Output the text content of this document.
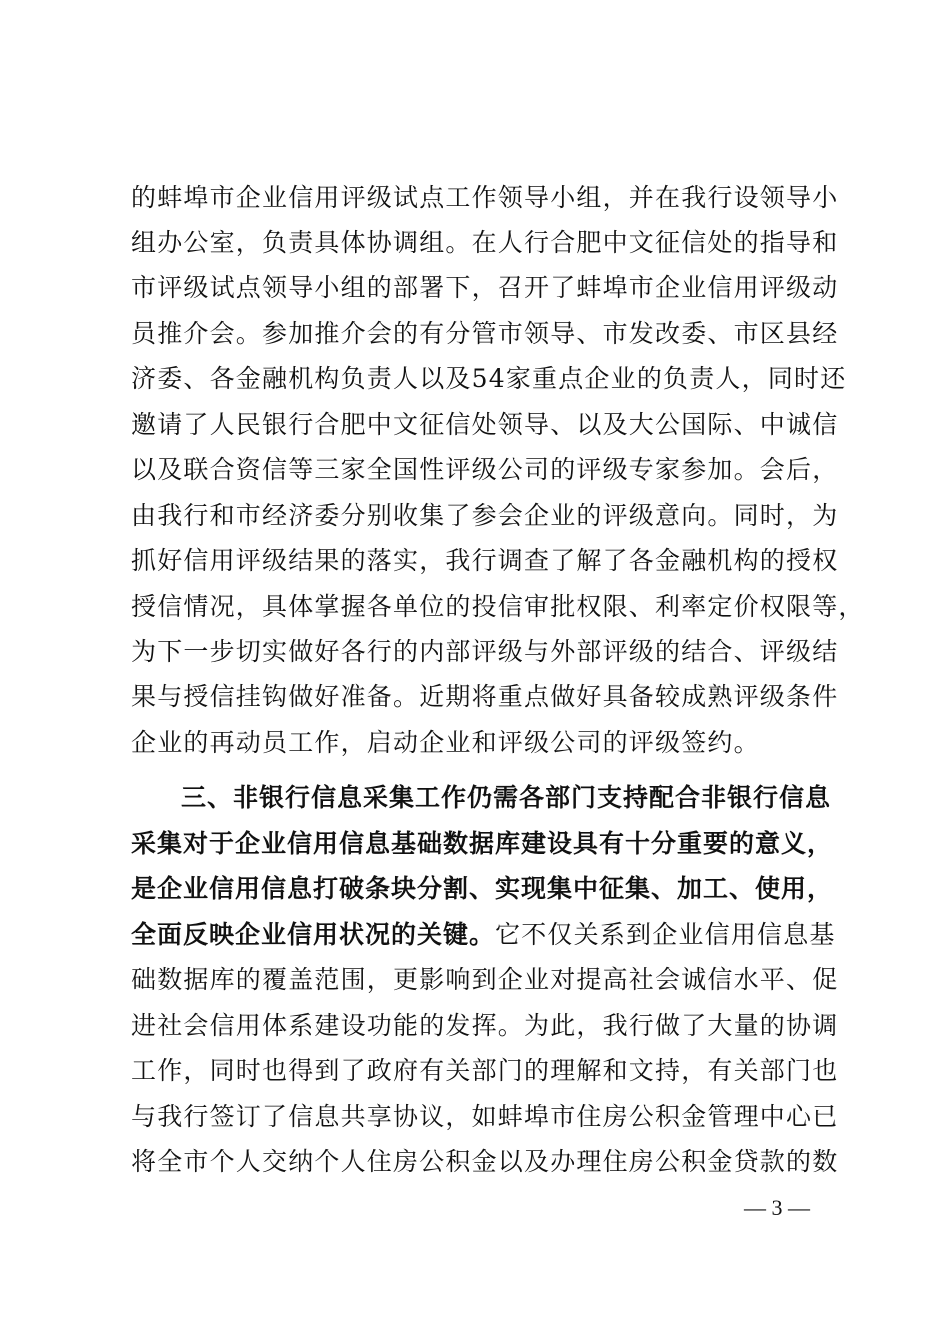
的蚌埠市企业信用评级试点工作领导小组，并在我行设领导小
组办公室，负责具体协调组。在人行合肥中文征信处的指导和
市评级试点领导小组的部署下，召开了蚌埠市企业信用评级动
员推介会。参加推介会的有分管市领导、市发改委、市区县经
济委、各金融机构负责人以及54家重点企业的负责人，同时还
邀请了人民银行合肥中文征信处领导、以及大公国际、中诚信
以及联合资信等三家全国性评级公司的评级专家参加。会后，
由我行和市经济委分别收集了参会企业的评级意向。同时，为
抓好信用评级结果的落实，我行调查了解了各金融机构的授权
授信情况，具体掌握各单位的投信审批权限、利率定价权限等，
为下一步切实做好各行的内部评级与外部评级的结合、评级结
果与授信挂钩做好准备。近期将重点做好具备较成熟评级条件
企业的再动员工作，启动企业和评级公司的评级签约。
三、非银行信息采集工作仍需各部门支持配合非银行信息
采集对于企业信用信息基础数据库建设具有十分重要的意义，
是企业信用信息打破条块分割、实现集中征集、加工、使用，
全面反映企业信用状况的关键。它不仅关系到企业信用信息基
础数据库的覆盖范围，更影响到企业对提高社会诚信水平、促
进社会信用体系建设功能的发挥。为此，我行做了大量的协调
工作，同时也得到了政府有关部门的理解和文持，有关部门也
与我行签订了信息共享协议，如蚌埠市住房公积金管理中心已
将全市个人交纳个人住房公积金以及办理住房公积金贷款的数
— 3 —
